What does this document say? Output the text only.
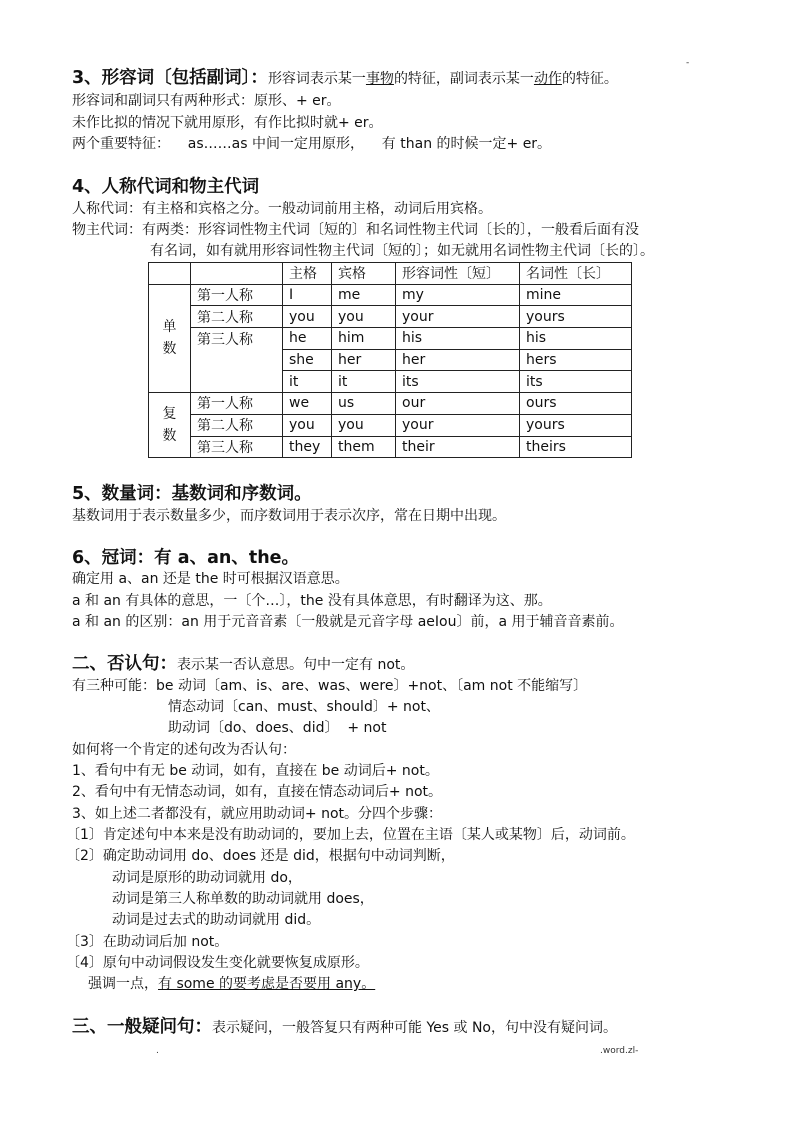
-
3、形容词〔包括副词〕：形容词表示某一事物的特征，副词表示某一动作的特征。
形容词和副词只有两种形式：原形、+ er。
未作比拟的情况下就用原形，有作比拟时就+ er。
两个重要特征：    as……as 中间一定用原形，    有 than 的时候一定+ er。
4、人称代词和物主代词
人称代词：有主格和宾格之分。一般动词前用主格，动词后用宾格。
物主代词：有两类：形容词性物主代词〔短的〕和名词性物主代词〔长的〕，一般看后面有没
有名词，如有就用形容词性物主代词〔短的〕；如无就用名词性物主代词〔长的〕。
		主格	宾格	形容词性〔短〕	名词性〔长〕
单数	第一人称	I	me	my	mine
	第二人称	you	you	your	yours
	第三人称	he	him	his	his
		she	her	her	hers
		it	it	its	its
复数	第一人称	we	us	our	ours
	第二人称	you	you	your	yours
	第三人称	they	them	their	theirs
5、数量词：基数词和序数词。
基数词用于表示数量多少，而序数词用于表示次序，常在日期中出现。
6、冠词：有 a、an、the。
确定用 a、an 还是 the 时可根据汉语意思。
a 和 an 有具体的意思，一〔个…〕，the 没有具体意思，有时翻译为这、那。
a 和 an 的区别：an 用于元音音素〔一般就是元音字母 aeIou〕前，a 用于辅音音素前。
二、否认句：表示某一否认意思。句中一定有 not。
有三种可能：be 动词〔am、is、are、was、were〕+not、〔am not 不能缩写〕
情态动词〔can、must、should〕+ not、
助动词〔do、does、did〕  + not
如何将一个肯定的述句改为否认句：
1、看句中有无 be 动词，如有，直接在 be 动词后+ not。
2、看句中有无情态动词，如有，直接在情态动词后+ not。
3、如上述二者都没有，就应用助动词+ not。分四个步骤：
〔1〕肯定述句中本来是没有助动词的，要加上去，位置在主语〔某人或某物〕后，动词前。
〔2〕确定助动词用 do、does 还是 did，根据句中动词判断，
动词是原形的助动词就用 do，
动词是第三人称单数的助动词就用 does，
动词是过去式的助动词就用 did。
〔3〕在助动词后加 not。
〔4〕原句中动词假设发生变化就要恢复成原形。
强调一点，有 some 的要考虑是否要用 any。
三、一般疑问句：表示疑问，一般答复只有两种可能 Yes 或 No，句中没有疑问词。
.	.word.zl-
